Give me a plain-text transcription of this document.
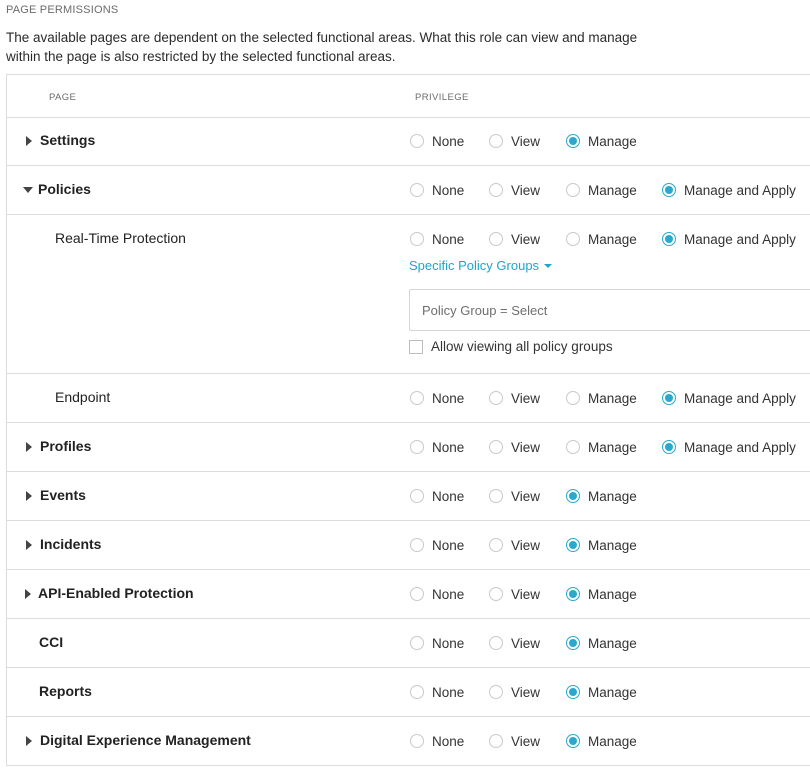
PAGE PERMISSIONS
The available pages are dependent on the selected functional areas. What this role can view and manage within the page is also restricted by the selected functional areas.
PAGE	PRIVILEGE
Settings	None	View	Manage
Policies	None	View	Manage	Manage and Apply
Real-Time Protection	None	View	Manage	Manage and Apply
Specific Policy Groups
Policy Group = Select
Allow viewing all policy groups
Endpoint	None	View	Manage	Manage and Apply
Profiles	None	View	Manage	Manage and Apply
Events	None	View	Manage
Incidents	None	View	Manage
API-Enabled Protection	None	View	Manage
CCI	None	View	Manage
Reports	None	View	Manage
Digital Experience Management	None	View	Manage
